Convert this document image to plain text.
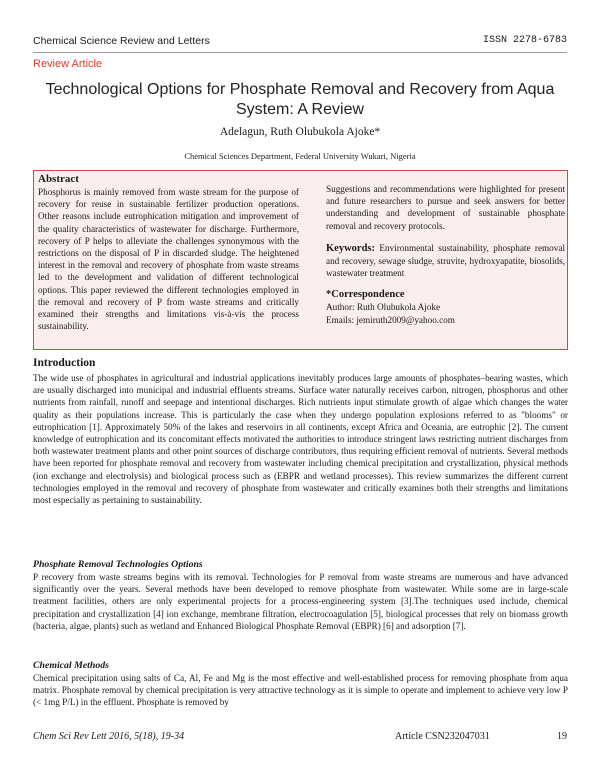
Chemical Science Review and Letters	ISSN 2278-6783
Review Article
Technological Options for Phosphate Removal and Recovery from Aqua System: A Review
Adelagun, Ruth Olubukola Ajoke*
Chemical Sciences Department, Federal University Wukari, Nigeria
Abstract

Phosphorus is mainly removed from waste stream for the purpose of recovery for reuse in sustainable fertilizer production operations. Other reasons include eutrophication mitigation and improvement of the quality characteristics of wastewater for discharge. Furthermore, recovery of P helps to alleviate the challenges synonymous with the restrictions on the disposal of P in discarded sludge. The heightened interest in the removal and recovery of phosphate from waste streams led to the development and validation of different technological options. This paper reviewed the different technologies employed in the removal and recovery of P from waste streams and critically examined their strengths and limitations vis-à-vis the process sustainability.

Suggestions and recommendations were highlighted for present and future researchers to pursue and seek answers for better understanding and development of sustainable phosphate removal and recovery protocols.

Keywords: Environmental sustainability, phosphate removal and recovery, sewage sludge, struvite, hydroxyapatite, biosolids, wastewater treatment

*Correspondence
Author: Ruth Olubukola Ajoke
Emails: jemiruth2009@yahoo.com
Introduction

The wide use of phosphates in agricultural and industrial applications inevitably produces large amounts of phosphates–bearing wastes, which are usually discharged into municipal and industrial effluents streams. Surface water naturally receives carbon, nitrogen, phosphorus and other nutrients from rainfall, runoff and seepage and intentional discharges. Rich nutrients input stimulate growth of algae which changes the water quality as their populations increase. This is particularly the case when they undergo population explosions referred to as "blooms" or eutrophication [1]. Approximately 50% of the lakes and reservoirs in all continents, except Africa and Oceania, are eutrophic [2]. The current knowledge of eutrophication and its concomitant effects motivated the authorities to introduce stringent laws restricting nutrient discharges from both wastewater treatment plants and other point sources of discharge contributors, thus requiring efficient removal of nutrients. Several methods have been reported for phosphate removal and recovery from wastewater including chemical precipitation and crystallization, physical methods (ion exchange and electrolysis) and biological process such as (EBPR and wetland processes). This review summarizes the different current technologies employed in the removal and recovery of phosphate from wastewater and critically examines both their strengths and limitations most especially as pertaining to sustainability.

Phosphate Removal Technologies Options

P recovery from waste streams begins with its removal. Technologies for P removal from waste streams are numerous and have advanced significantly over the years. Several methods have been developed to remove phosphate from wastewater. While some are in large-scale treatment facilities, others are only experimental projects for a process-engineering system [3].The techniques used include, chemical precipitation and crystallization [4] ion exchange, membrane filtration, electrocoagulation [5], biological processes that rely on biomass growth (bacteria, algae, plants) such as wetland and Enhanced Biological Phosphate Removal (EBPR) [6] and adsorption [7].

Chemical Methods

Chemical precipitation using salts of Ca, Al, Fe and Mg is the most effective and well-established process for removing phosphate from aqua matrix. Phosphate removal by chemical precipitation is very attractive technology as it is simple to operate and implement to achieve very low P (< 1mg P/L) in the effluent. Phosphate is removed by

Chem Sci Rev Lett 2016, 5(18), 19-34	Article CSN232047031	19
